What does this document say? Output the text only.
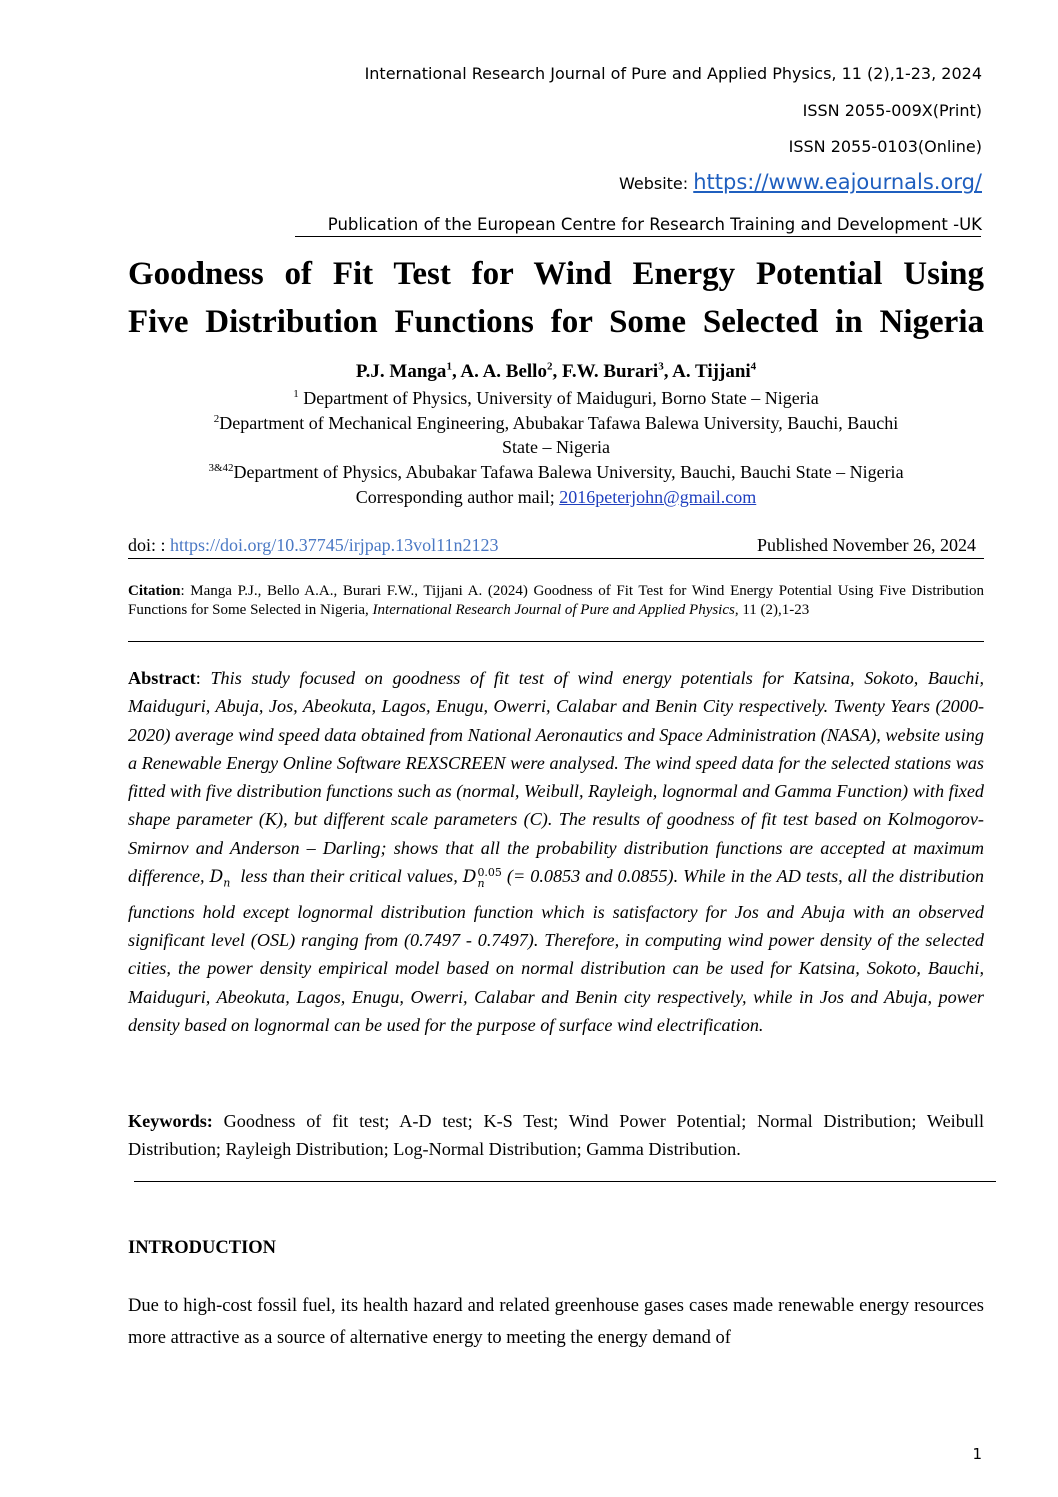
International Research Journal of Pure and Applied Physics, 11 (2),1-23, 2024
ISSN 2055-009X(Print)
ISSN 2055-0103(Online)
Website: https://www.eajournals.org/
Publication of the European Centre for Research Training and Development -UK
Goodness of Fit Test for Wind Energy Potential Using
Five Distribution Functions for Some Selected in Nigeria
P.J. Manga$^1$, A. A. Bello$^2$, F.W. Burari$^3$, A. Tijjani$^4$
$^1$ Department of Physics, University of Maiduguri, Borno State – Nigeria
$^2$Department of Mechanical Engineering, Abubakar Tafawa Balewa University, Bauchi, Bauchi
State – Nigeria
$^{3\&42}$Department of Physics, Abubakar Tafawa Balewa University, Bauchi, Bauchi State – Nigeria
Corresponding author mail; 2016peterjohn@gmail.com
doi: : https://doi.org/10.37745/irjpap.13vol11n2123	Published November 26, 2024
Citation: Manga P.J., Bello A.A., Burari F.W., Tijjani A. (2024) Goodness of Fit Test for Wind Energy Potential Using Five Distribution Functions for Some Selected in Nigeria, International Research Journal of Pure and Applied Physics, 11 (2),1-23
Abstract: This study focused on goodness of fit test of wind energy potentials for Katsina, Sokoto, Bauchi, Maiduguri, Abuja, Jos, Abeokuta, Lagos, Enugu, Owerri, Calabar and Benin City respectively. Twenty Years (2000-2020) average wind speed data obtained from National Aeronautics and Space Administration (NASA), website using a Renewable Energy Online Software REXSCREEN were analysed. The wind speed data for the selected stations was fitted with five distribution functions such as (normal, Weibull, Rayleigh, lognormal and Gamma Function) with fixed shape parameter (K), but different scale parameters (C). The results of goodness of fit test based on Kolmogorov-Smirnov and Anderson – Darling; shows that all the probability distribution functions are accepted at maximum difference, $D_n$  less than their critical values, D 0.05
n (= 0.0853 and 0.0855). While in the AD tests, all the distribution functions hold except lognormal distribution function which is satisfactory for Jos and Abuja with an observed significant level (OSL) ranging from (0.7497 - 0.7497). Therefore, in computing wind power density of the selected cities, the power density empirical model based on normal distribution can be used for Katsina, Sokoto, Bauchi, Maiduguri, Abeokuta, Lagos, Enugu, Owerri, Calabar and Benin city respectively, while in Jos and Abuja, power density based on lognormal can be used for the purpose of surface wind electrification.
Keywords: Goodness of fit test; A-D test; K-S Test; Wind Power Potential; Normal Distribution; Weibull Distribution; Rayleigh Distribution; Log-Normal Distribution; Gamma Distribution.
INTRODUCTION
Due to high-cost fossil fuel, its health hazard and related greenhouse gases cases made renewable energy resources more attractive as a source of alternative energy to meeting the energy demand of
1
